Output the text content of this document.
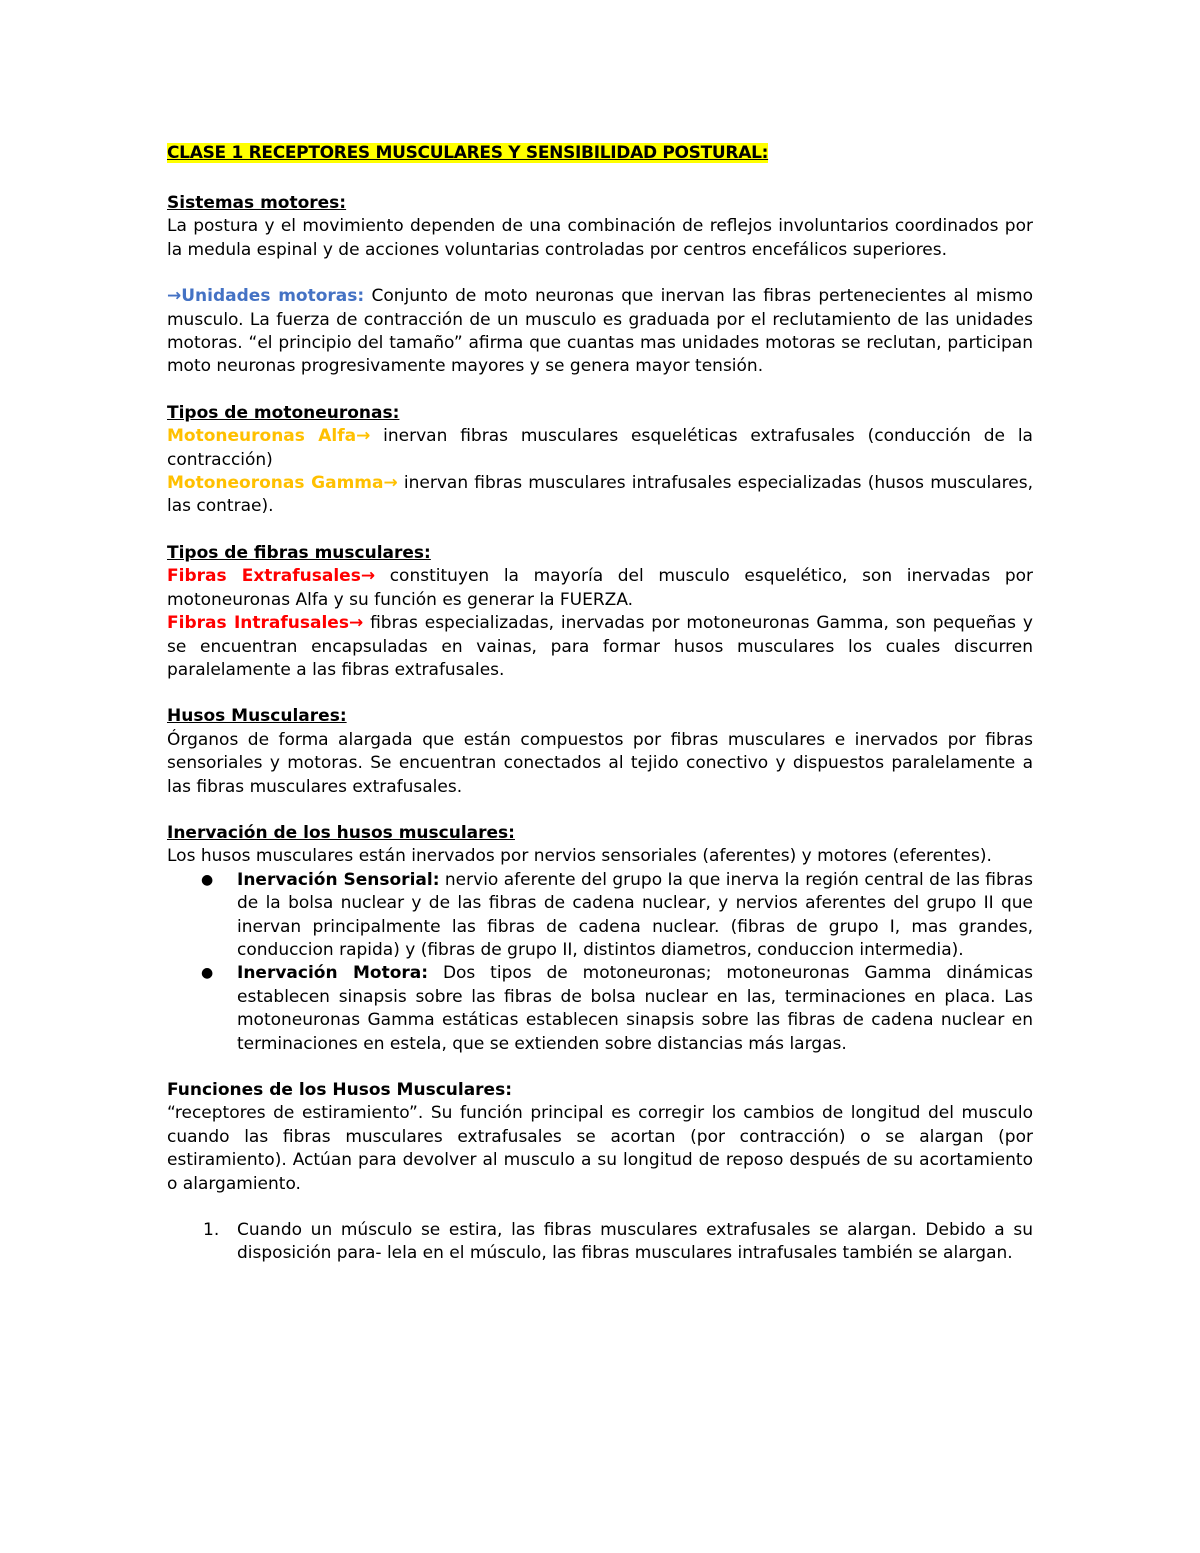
CLASE 1 RECEPTORES MUSCULARES Y SENSIBILIDAD POSTURAL:
Sistemas motores:

La postura y el movimiento dependen de una combinación de reflejos involuntarios coordinados por la medula espinal y de acciones voluntarias controladas por centros encefálicos superiores.

→Unidades motoras: Conjunto de moto neuronas que inervan las fibras pertenecientes al mismo musculo. La fuerza de contracción de un musculo es graduada por el reclutamiento de las unidades motoras. “el principio del tamaño” afirma que cuantas mas unidades motoras se reclutan, participan moto neuronas progresivamente mayores y se genera mayor tensión.

Tipos de motoneuronas:

Motoneuronas Alfa→ inervan fibras musculares esqueléticas extrafusales (conducción de la contracción)

Motoneoronas Gamma→ inervan fibras musculares intrafusales especializadas (husos musculares, las contrae).

Tipos de fibras musculares:

Fibras Extrafusales→ constituyen la mayoría del musculo esquelético, son inervadas por motoneuronas Alfa y su función es generar la FUERZA.

Fibras Intrafusales→ fibras especializadas, inervadas por motoneuronas Gamma, son pequeñas y se encuentran encapsuladas en vainas, para formar husos musculares los cuales discurren paralelamente a las fibras extrafusales.

Husos Musculares:

Órganos de forma alargada que están compuestos por fibras musculares e inervados por fibras sensoriales y motoras. Se encuentran conectados al tejido conectivo y dispuestos paralelamente a las fibras musculares extrafusales.

Inervación de los husos musculares:

Los husos musculares están inervados por nervios sensoriales (aferentes) y motores (eferentes).

● Inervación Sensorial: nervio aferente del grupo Ia que inerva la región central de las fibras de la bolsa nuclear y de las fibras de cadena nuclear, y nervios aferentes del grupo II que inervan principalmente las fibras de cadena nuclear. (fibras de grupo I, mas grandes, conduccion rapida) y (fibras de grupo II, distintos diametros, conduccion intermedia).
● Inervación Motora: Dos tipos de motoneuronas; motoneuronas Gamma dinámicas establecen sinapsis sobre las fibras de bolsa nuclear en las, terminaciones en placa. Las motoneuronas Gamma estáticas establecen sinapsis sobre las fibras de cadena nuclear en terminaciones en estela, que se extienden sobre distancias más largas.
Funciones de los Husos Musculares:

“receptores de estiramiento”. Su función principal es corregir los cambios de longitud del musculo cuando las fibras musculares extrafusales se acortan (por contracción) o se alargan (por estiramiento). Actúan para devolver al musculo a su longitud de reposo después de su acortamiento o alargamiento.

1. Cuando un músculo se estira, las fibras musculares extrafusales se alargan. Debido a su disposición para- lela en el músculo, las fibras musculares intrafusales también se alargan.
